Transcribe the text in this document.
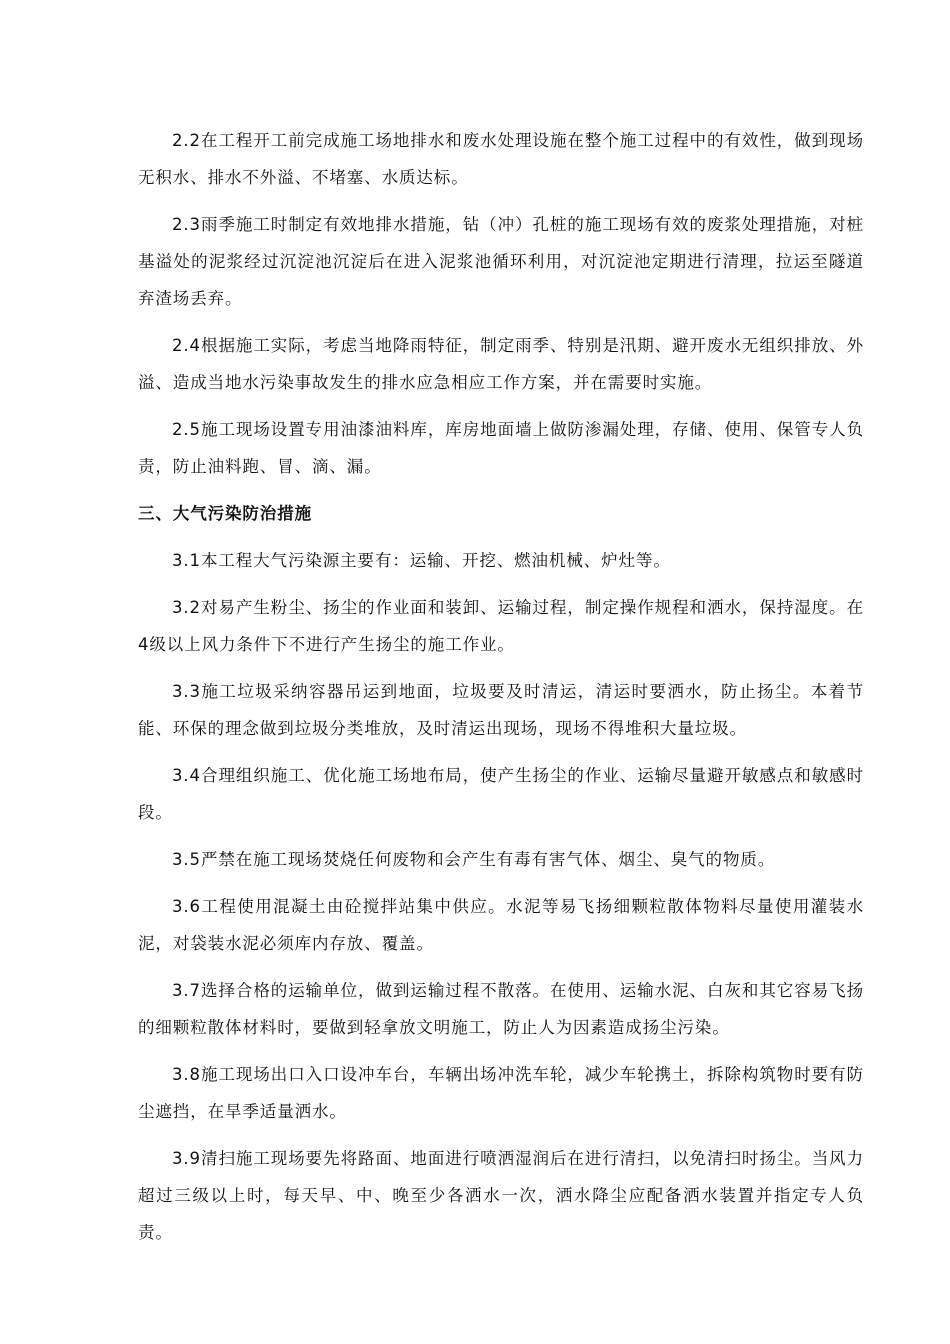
2.2在工程开工前完成施工场地排水和废水处理设施在整个施工过程中的有效性，做到现场无积水、排水不外溢、不堵塞、水质达标。

2.3雨季施工时制定有效地排水措施，钻（冲）孔桩的施工现场有效的废浆处理措施，对桩基溢处的泥浆经过沉淀池沉淀后在进入泥浆池循环利用，对沉淀池定期进行清理，拉运至隧道弃渣场丢弃。

2.4根据施工实际，考虑当地降雨特征，制定雨季、特别是汛期、避开废水无组织排放、外溢、造成当地水污染事故发生的排水应急相应工作方案，并在需要时实施。

2.5施工现场设置专用油漆油料库，库房地面墙上做防渗漏处理，存储、使用、保管专人负责，防止油料跑、冒、滴、漏。

三、大气污染防治措施

3.1本工程大气污染源主要有：运输、开挖、燃油机械、炉灶等。

3.2对易产生粉尘、扬尘的作业面和装卸、运输过程，制定操作规程和洒水，保持湿度。在4级以上风力条件下不进行产生扬尘的施工作业。

3.3施工垃圾采纳容器吊运到地面，垃圾要及时清运，清运时要洒水，防止扬尘。本着节能、环保的理念做到垃圾分类堆放，及时清运出现场，现场不得堆积大量垃圾。

3.4合理组织施工、优化施工场地布局，使产生扬尘的作业、运输尽量避开敏感点和敏感时段。

3.5严禁在施工现场焚烧任何废物和会产生有毒有害气体、烟尘、臭气的物质。

3.6工程使用混凝土由砼搅拌站集中供应。水泥等易飞扬细颗粒散体物料尽量使用灌装水泥，对袋装水泥必须库内存放、覆盖。

3.7选择合格的运输单位，做到运输过程不散落。在使用、运输水泥、白灰和其它容易飞扬的细颗粒散体材料时，要做到轻拿放文明施工，防止人为因素造成扬尘污染。

3.8施工现场出口入口设冲车台，车辆出场冲洗车轮，减少车轮携土，拆除构筑物时要有防尘遮挡，在旱季适量洒水。

3.9清扫施工现场要先将路面、地面进行喷洒湿润后在进行清扫，以免清扫时扬尘。当风力超过三级以上时，每天早、中、晚至少各洒水一次，洒水降尘应配备洒水装置并指定专人负责。
